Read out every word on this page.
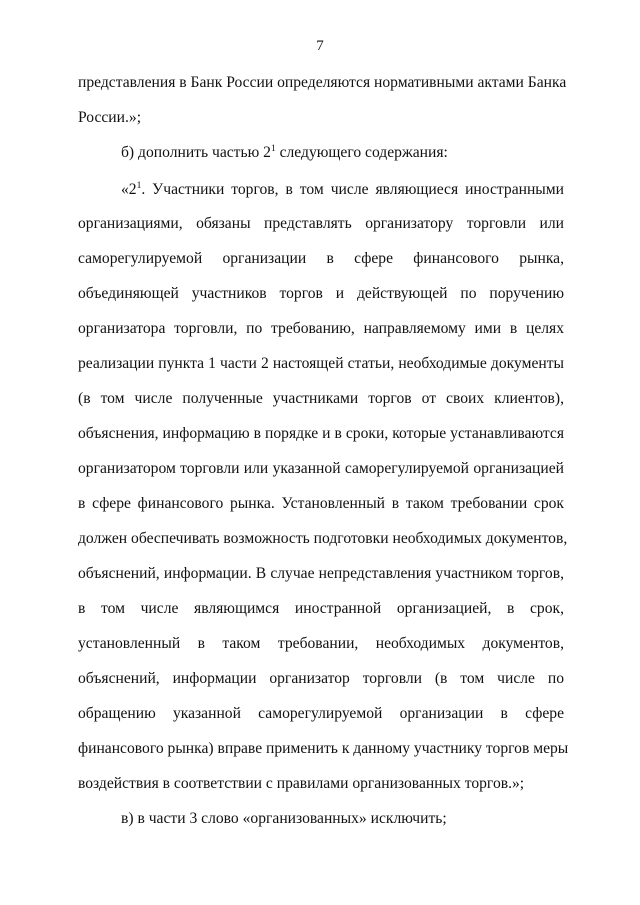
7
представления в Банк России определяются нормативными актами Банка
России.»;
б) дополнить частью $2^1$ следующего содержания:
«$2^1$. Участники торгов, в том числе являющиеся иностранными
организациями, обязаны представлять организатору торговли или
саморегулируемой организации в сфере финансового рынка,
объединяющей участников торгов и действующей по поручению
организатора торговли, по требованию, направляемому ими в целях
реализации пункта 1 части 2 настоящей статьи, необходимые документы
(в том числе полученные участниками торгов от своих клиентов),
объяснения, информацию в порядке и в сроки, которые устанавливаются
организатором торговли или указанной саморегулируемой организацией
в сфере финансового рынка. Установленный в таком требовании срок
должен обеспечивать возможность подготовки необходимых документов,
объяснений, информации. В случае непредставления участником торгов,
в том числе являющимся иностранной организацией, в срок,
установленный в таком требовании, необходимых документов,
объяснений, информации организатор торговли (в том числе по
обращению указанной саморегулируемой организации в сфере
финансового рынка) вправе применить к данному участнику торгов меры
воздействия в соответствии с правилами организованных торгов.»;
в) в части 3 слово «организованных» исключить;
